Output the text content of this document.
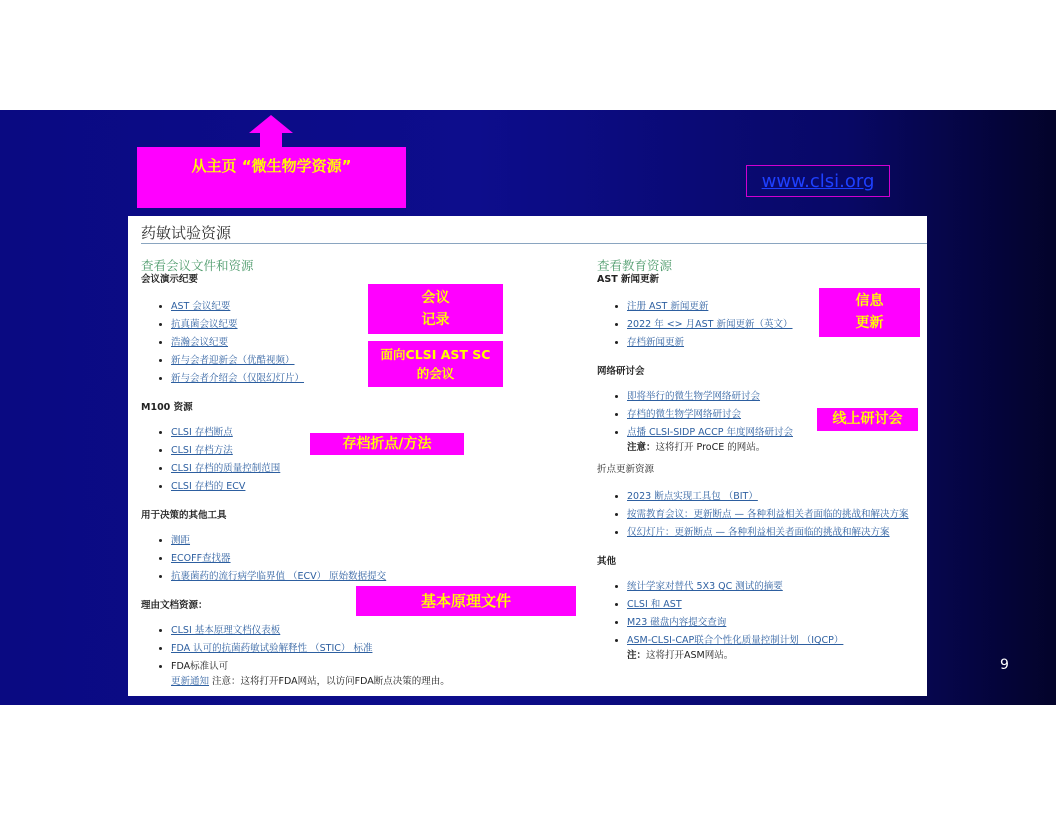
从主页 “微生物学资源”
www.clsi.org
药敏试验资源
查看会议文件和资源
会议演示纪要
• AST 会议纪要
• 抗真菌会议纪要
• 浩瀚会议纪要
• 新与会者迎新会（优酷视频）
• 新与会者介绍会（仅限幻灯片）
M100 资源
• CLSI 存档断点
• CLSI 存档方法
• CLSI 存档的质量控制范围
• CLSI 存档的 ECV
用于决策的其他工具
• 测距
• ECOFF查找器
• 抗裹菌药的流行病学临界值 （ECV） 原始数据提交
理由文档资源：
• CLSI 基本原理文档仪表板
• FDA 认可的抗菌药敏试验解释性 （STIC） 标准
• FDA标准认可
更新通知 注意：这将打开FDA网站，以访问FDA断点决策的理由。
查看教育资源
AST 新闻更新
• 注册 AST 新闻更新
• 2022 年 <> 月AST 新闻更新（英文）
• 存档新闻更新
网络研讨会
• 即将举行的微生物学网络研讨会
• 存档的微生物学网络研讨会
• 点播 CLSI-SIDP ACCP 年度网络研讨会
注意：这将打开 ProCE 的网站。
折点更新资源
• 2023 断点实现工具包 （BIT）
• 按需教育会议：更新断点 — 各种利益相关者面临的挑战和解决方案
• 仅幻灯片：更新断点 — 各种利益相关者面临的挑战和解决方案
其他
• 统计学家对替代 5X3 QC 测试的摘要
• CLSI 和 AST
• M23 磁盘内容提交查询
• ASM-CLSI-CAP联合个性化质量控制计划 （IQCP）
注：这将打开ASM网站。
会议
记录
面向CLSI AST SC
的会议
存档折点/方法
基本原理文件
信息
更新
线上研讨会
9
